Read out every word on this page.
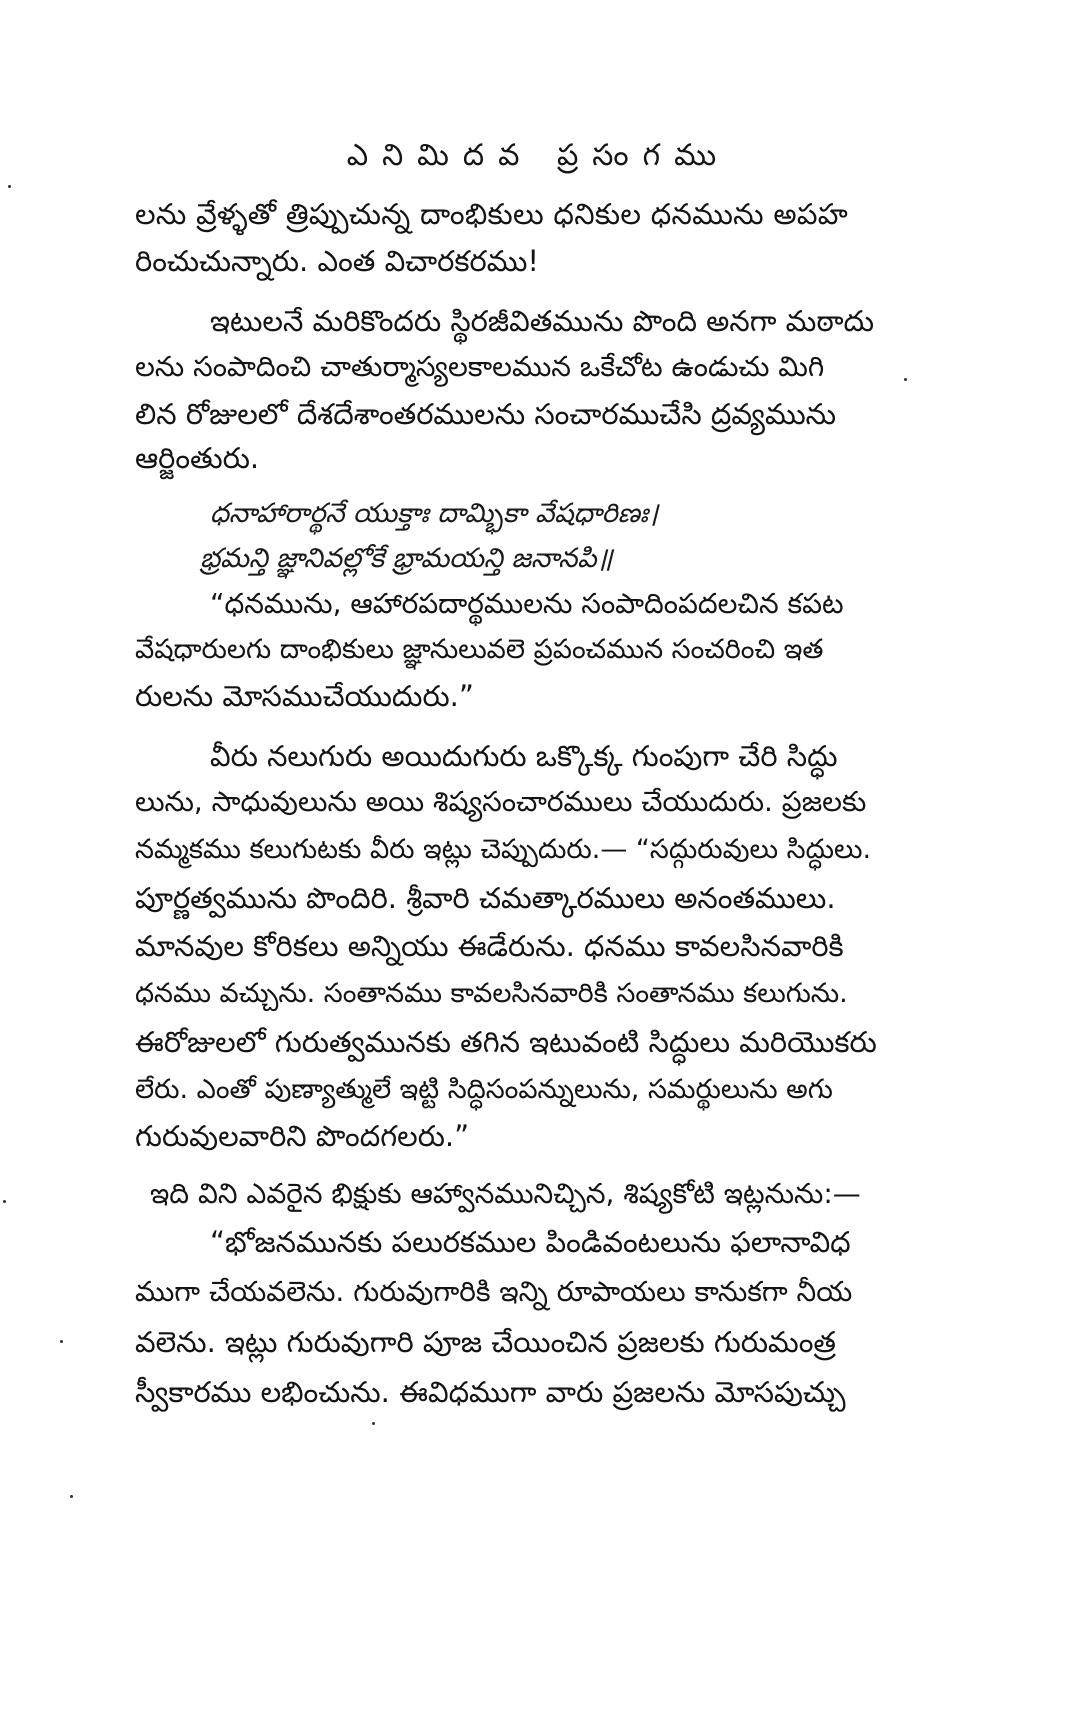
ఎనిమిదవ ప్రసంగము
లను వ్రేళ్ళతో త్రిప్పుచున్న దాంభికులు ధనికుల ధనమును అపహ
రించుచున్నారు. ఎంత విచారకరము!
ఇటులనే మరికొందరు స్థిరజీవితమును పొంది అనగా మఠాదు
లను సంపాదించి చాతుర్మాస్యలకాలమున ఒకేచోట ఉండుచు మిగి
లిన రోజులలో దేశదేశాంతరములను సంచారముచేసి ద్రవ్యమును
ఆర్జింతురు.
ధనాహారార్థనే యుక్తాః దామ్భికా వేషధారిణః।
భ్రమన్తి జ్ఞానివల్లోకే భ్రామయన్తి జనానపి॥
“ధనమును, ఆహారపదార్థములను సంపాదింపదలచిన కపట
వేషధారులగు దాంభికులు జ్ఞానులువలె ప్రపంచమున సంచరించి ఇత
రులను మోసముచేయుదురు.”
వీరు నలుగురు అయిదుగురు ఒక్కొక్క గుంపుగా చేరి సిద్ధు
లును, సాధువులును అయి శిష్యసంచారములు చేయుదురు. ప్రజలకు
నమ్మకము కలుగుటకు వీరు ఇట్లు చెప్పుదురు.— “సద్గురువులు సిద్ధులు.
పూర్ణత్వమును పొందిరి. శ్రీవారి చమత్కారములు అనంతములు.
మానవుల కోరికలు అన్నియు ఈడేరును. ధనము కావలసినవారికి
ధనము వచ్చును. సంతానము కావలసినవారికి సంతానము కలుగును.
ఈరోజులలో గురుత్వమునకు తగిన ఇటువంటి సిద్ధులు మరియొకరు
లేరు. ఎంతో పుణ్యాత్ములే ఇట్టి సిద్ధిసంపన్నులును, సమర్థులును అగు
గురువులవారిని పొందగలరు.”
ఇది విని ఎవరైన భిక్షుకు ఆహ్వానమునిచ్చిన, శిష్యకోటి ఇట్లనును:—
“భోజనమునకు పలురకముల పిండివంటలును ఫలానావిధ
ముగా చేయవలెను. గురువుగారికి ఇన్ని రూపాయలు కానుకగా నీయ
వలెను. ఇట్లు గురువుగారి పూజ చేయించిన ప్రజలకు గురుమంత్ర
స్వీకారము లభించును. ఈవిధముగా వారు ప్రజలను మోసపుచ్చు
